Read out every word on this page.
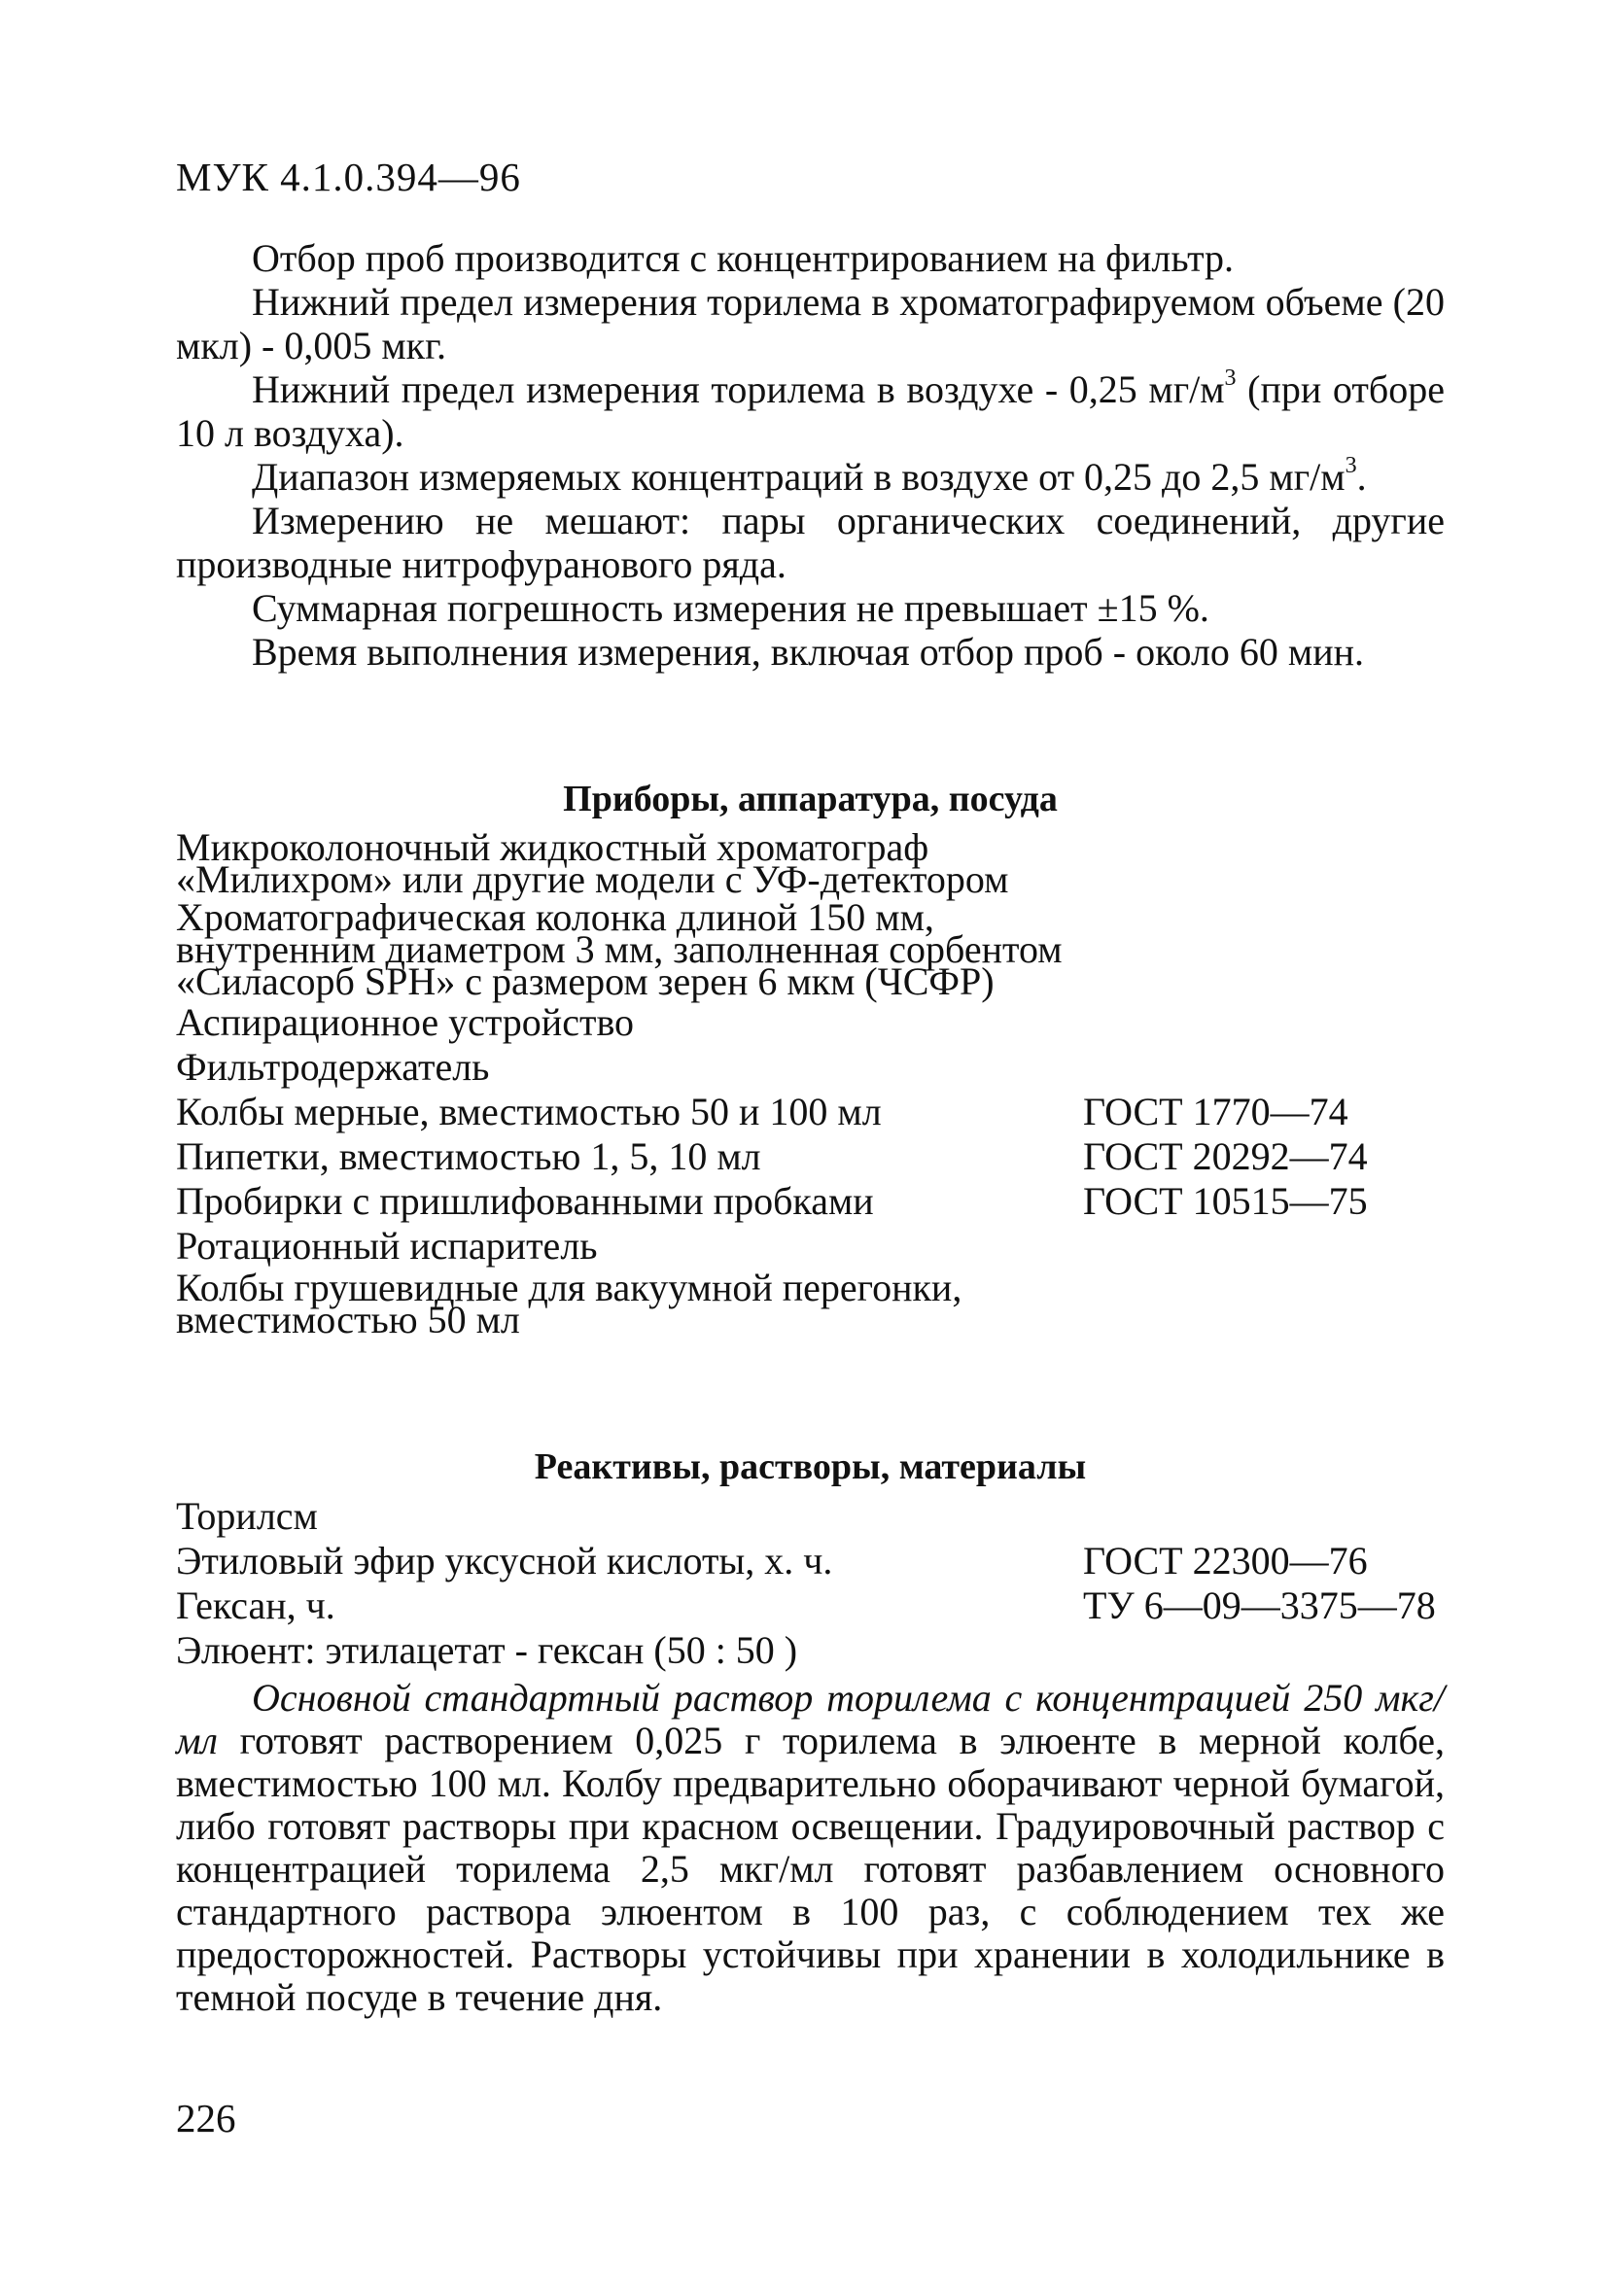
МУК 4.1.0.394—96

Отбор проб производится с концентрированием на фильтр.

Нижний предел измерения торилема в хроматографируемом объеме (20 мкл) - 0,005 мкг.

Нижний предел измерения торилема в воздухе - 0,25 $мг/м^3$ (при отборе 10 л воздуха).

Диапазон измеряемых концентраций в воздухе от 0,25 до 2,5 $мг/м^3$.

Измерению не мешают: пары органических соединений, другие производные нитрофуранового ряда.

Суммарная погрешность измерения не превышает ±15 %.

Время выполнения измерения, включая отбор проб - около 60 мин.

Приборы, аппаратура, посуда
Микроколоночный жидкостный хроматограф «Милихром» или другие модели с УФ-детектором
Хроматографическая колонка длиной 150 мм, внутренним диаметром 3 мм, заполненная сорбентом «Силасорб SPH» с размером зерен 6 мкм (ЧСФР)
Аспирационное устройство
Фильтродержатель
Колбы мерные, вместимостью 50 и 100 мл	ГОСТ 1770—74
Пипетки, вместимостью 1, 5, 10 мл	ГОСТ 20292—74
Пробирки с пришлифованными пробками	ГОСТ 10515—75
Ротационный испаритель
Колбы грушевидные для вакуумной перегонки, вместимостью 50 мл
Реактивы, растворы, материалы
Торилсм
Этиловый эфир уксусной кислоты, х. ч.	ГОСТ 22300—76
Гексан, ч.	ТУ 6—09—3375—78
Элюент: этилацетат - гексан (50 : 50 )

Основной стандартный раствор торилема с концентрацией 250 мкг/мл готовят растворением 0,025 г торилема в элюенте в мерной колбе, вместимостью 100 мл. Колбу предварительно оборачивают черной бумагой, либо готовят растворы при красном освещении. Градуировочный раствор с концентрацией торилема 2,5 мкг/мл готовят разбавлением основного стандартного раствора элюентом в 100 раз, с соблюдением тех же предосторожностей. Растворы устойчивы при хранении в холодильнике в темной посуде в течение дня.

226
